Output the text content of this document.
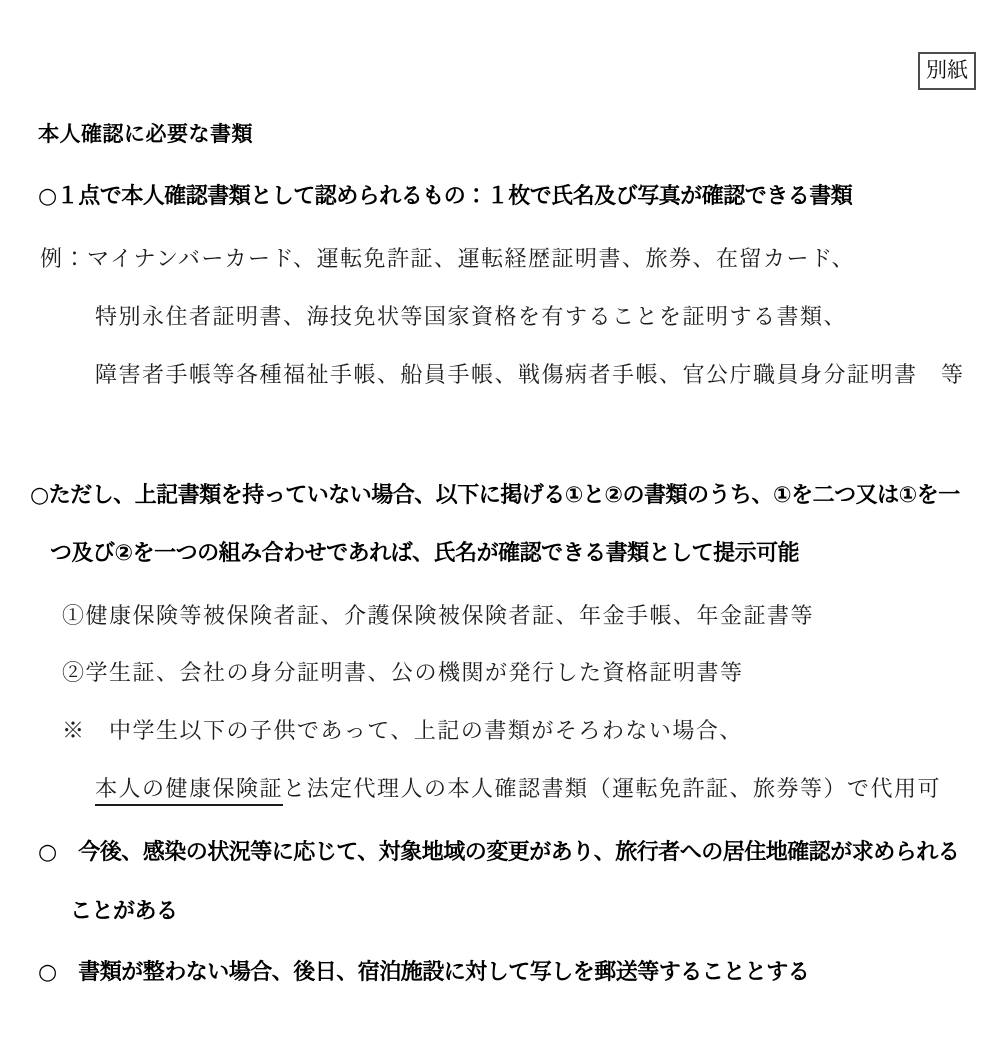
別紙
本人確認に必要な書類
○１点で本人確認書類として認められるもの：１枚で氏名及び写真が確認できる書類
例：マイナンバーカード、運転免許証、運転経歴証明書、旅券、在留カード、
特別永住者証明書、海技免状等国家資格を有することを証明する書類、
障害者手帳等各種福祉手帳、船員手帳、戦傷病者手帳、官公庁職員身分証明書　等
○ただし、上記書類を持っていない場合、以下に掲げる①と②の書類のうち、①を二つ又は①を一
つ及び②を一つの組み合わせであれば、氏名が確認できる書類として提示可能
①健康保険等被保険者証、介護保険被保険者証、年金手帳、年金証書等
②学生証、会社の身分証明書、公の機関が発行した資格証明書等
※　中学生以下の子供であって、上記の書類がそろわない場合、
本人の健康保険証と法定代理人の本人確認書類（運転免許証、旅券等）で代用可
○　今後、感染の状況等に応じて、対象地域の変更があり、旅行者への居住地確認が求められる
ことがある
○　書類が整わない場合、後日、宿泊施設に対して写しを郵送等することとする
